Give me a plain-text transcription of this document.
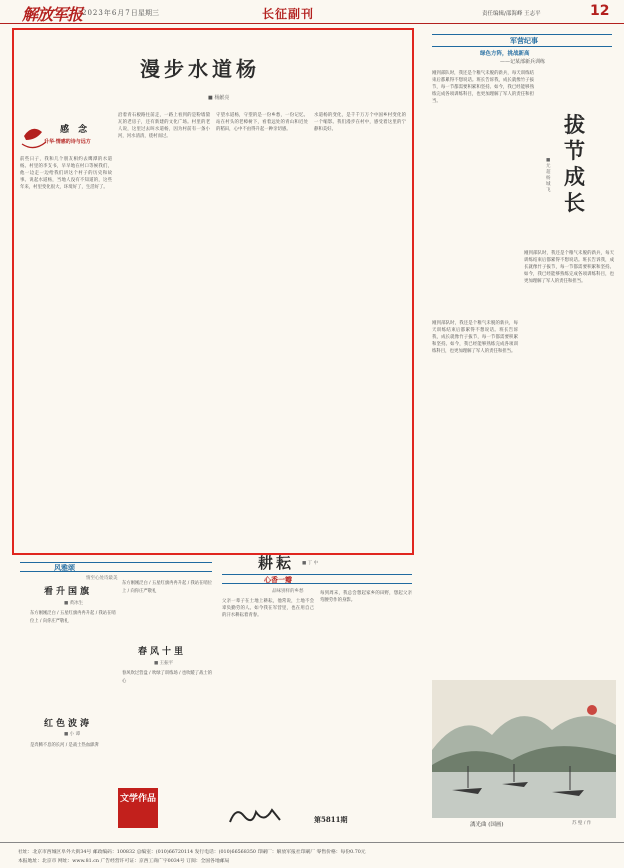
解放军报 2023年6月7日 星期三	长征副刊	责任编辑/邵海峰 王志平	12
漫步水道杨
■ 杨献亮
感 念
升华·情感的诗与远方
前些日子，我和几个朋友相约去鹰潭的水道杨。村里的李支书，早早地在村口等候我们，他一边走一边给我们讲这个村子的历史和故事。说起水道杨，当地人没有不知道的，这些年来，村里变化很大，环境好了，生活好了。
沿着青石板路往前走，一路上看到的是粉墙黛瓦的老房子，还有新建的文化广场。村里的老人说，这里过去叫水道杨，因为村前有一条小河，河水清清，绕村而过。
守望水道杨，守望的是一份乡愁，一份记忆。站在村头的老樟树下，看着远处的青山和近处的稻田，心中不由得升起一种亲切感。
水道杨的变化，是千千万万个中国乡村变化的一个缩影。我们漫步在村中，感受着这里的宁静和美好。
军营纪事
绿色方阵，挑战新高
——记某部新兵训练
刚到部队时，我还是个稚气未脱的新兵，每天训练结束后都累得不想说话。班长告诉我，成长就像竹子拔节，每一节都需要积累和坚持。如今，我已经能够熟练完成各项训练科目，也更加理解了军人的责任和担当。
拔节成长
■ 尤 超 杨城飞
刚到部队时，我还是个稚气未脱的新兵，每天训练结束后都累得不想说话。班长告诉我，成长就像竹子拔节，每一节都需要积累和坚持。如今，我已经能够熟练完成各项训练科目，也更加理解了军人的责任和担当。
刚到部队时，我还是个稚气未脱的新兵，每天训练结束后都累得不想说话。班长告诉我，成长就像竹子拔节，每一节都需要积累和坚持。如今，我已经能够熟练完成各项训练科目，也更加理解了军人的责任和担当。
漓光曲 (国画)	苏 璧 / 作
风雅颂
情至心处诗最美
看升国旗
■ 黄冰生
东方刚刚泛白 / 五星红旗冉冉升起 / 我站在哨位上 / 向你庄严敬礼
红色波涛
■ 小 谭
是奔腾不息的长河 / 是战士热血澎湃
东方刚刚泛白 / 五星红旗冉冉升起 / 我站在哨位上 / 向你庄严敬礼
春风十里
■ 王振平
春风吹过营盘 / 吹绿了训练场 / 也吹暖了战士的心
文学作品
耕耘 ■ 丁 中
心香一瓣
品味别样的乡愁
父亲一辈子在土地上耕耘，他常说，土地不会辜负勤劳的人。如今我在军营里，也在用自己的汗水耕耘着青春。
每到周末，我总会想起家乡的田野，想起父亲弯腰劳作的身影。
第5811期
社址：北京市西城区阜外大街34号 邮政编码：100832 总编室：(010)66720114 发行电话：(010)66568350 印刷厂：解放军报社印刷厂 零售价格：每份0.70元
本报地址：北京市 网址：www.81.cn 广告经营许可证：京西工商广字0034号 订阅：全国各地邮局
